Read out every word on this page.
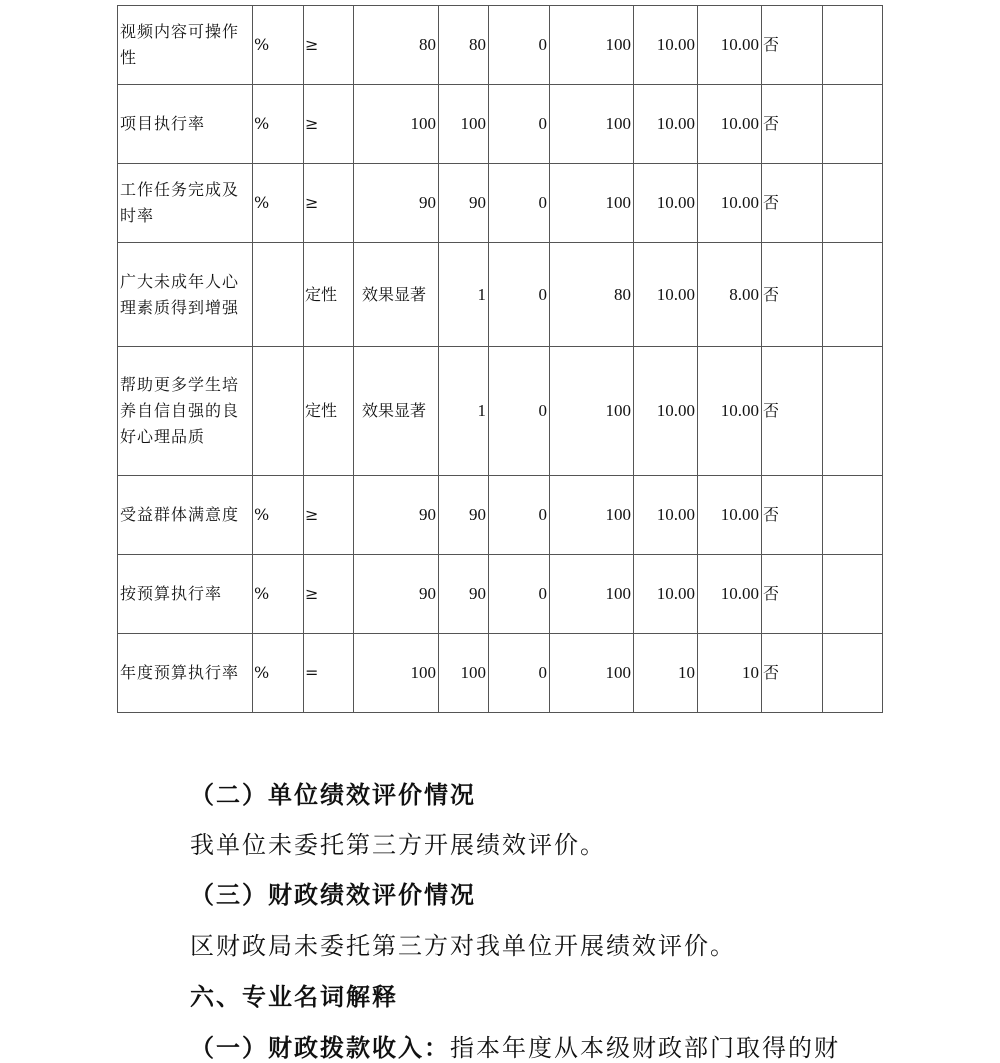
视频内容可操作性	%	≥	80	80	0	100	10.00	10.00	否	
项目执行率	%	≥	100	100	0	100	10.00	10.00	否	
工作任务完成及时率	%	≥	90	90	0	100	10.00	10.00	否	
广大未成年人心理素质得到增强		定性	效果显著	1	0	80	10.00	8.00	否	
帮助更多学生培养自信自强的良好心理品质		定性	效果显著	1	0	100	10.00	10.00	否	
受益群体满意度	%	≥	90	90	0	100	10.00	10.00	否	
按预算执行率	%	≥	90	90	0	100	10.00	10.00	否	
年度预算执行率	%	=	100	100	0	100	10	10	否	
（二）单位绩效评价情况
我单位未委托第三方开展绩效评价。
（三）财政绩效评价情况
区财政局未委托第三方对我单位开展绩效评价。
六、专业名词解释
（一）财政拨款收入：指本年度从本级财政部门取得的财
